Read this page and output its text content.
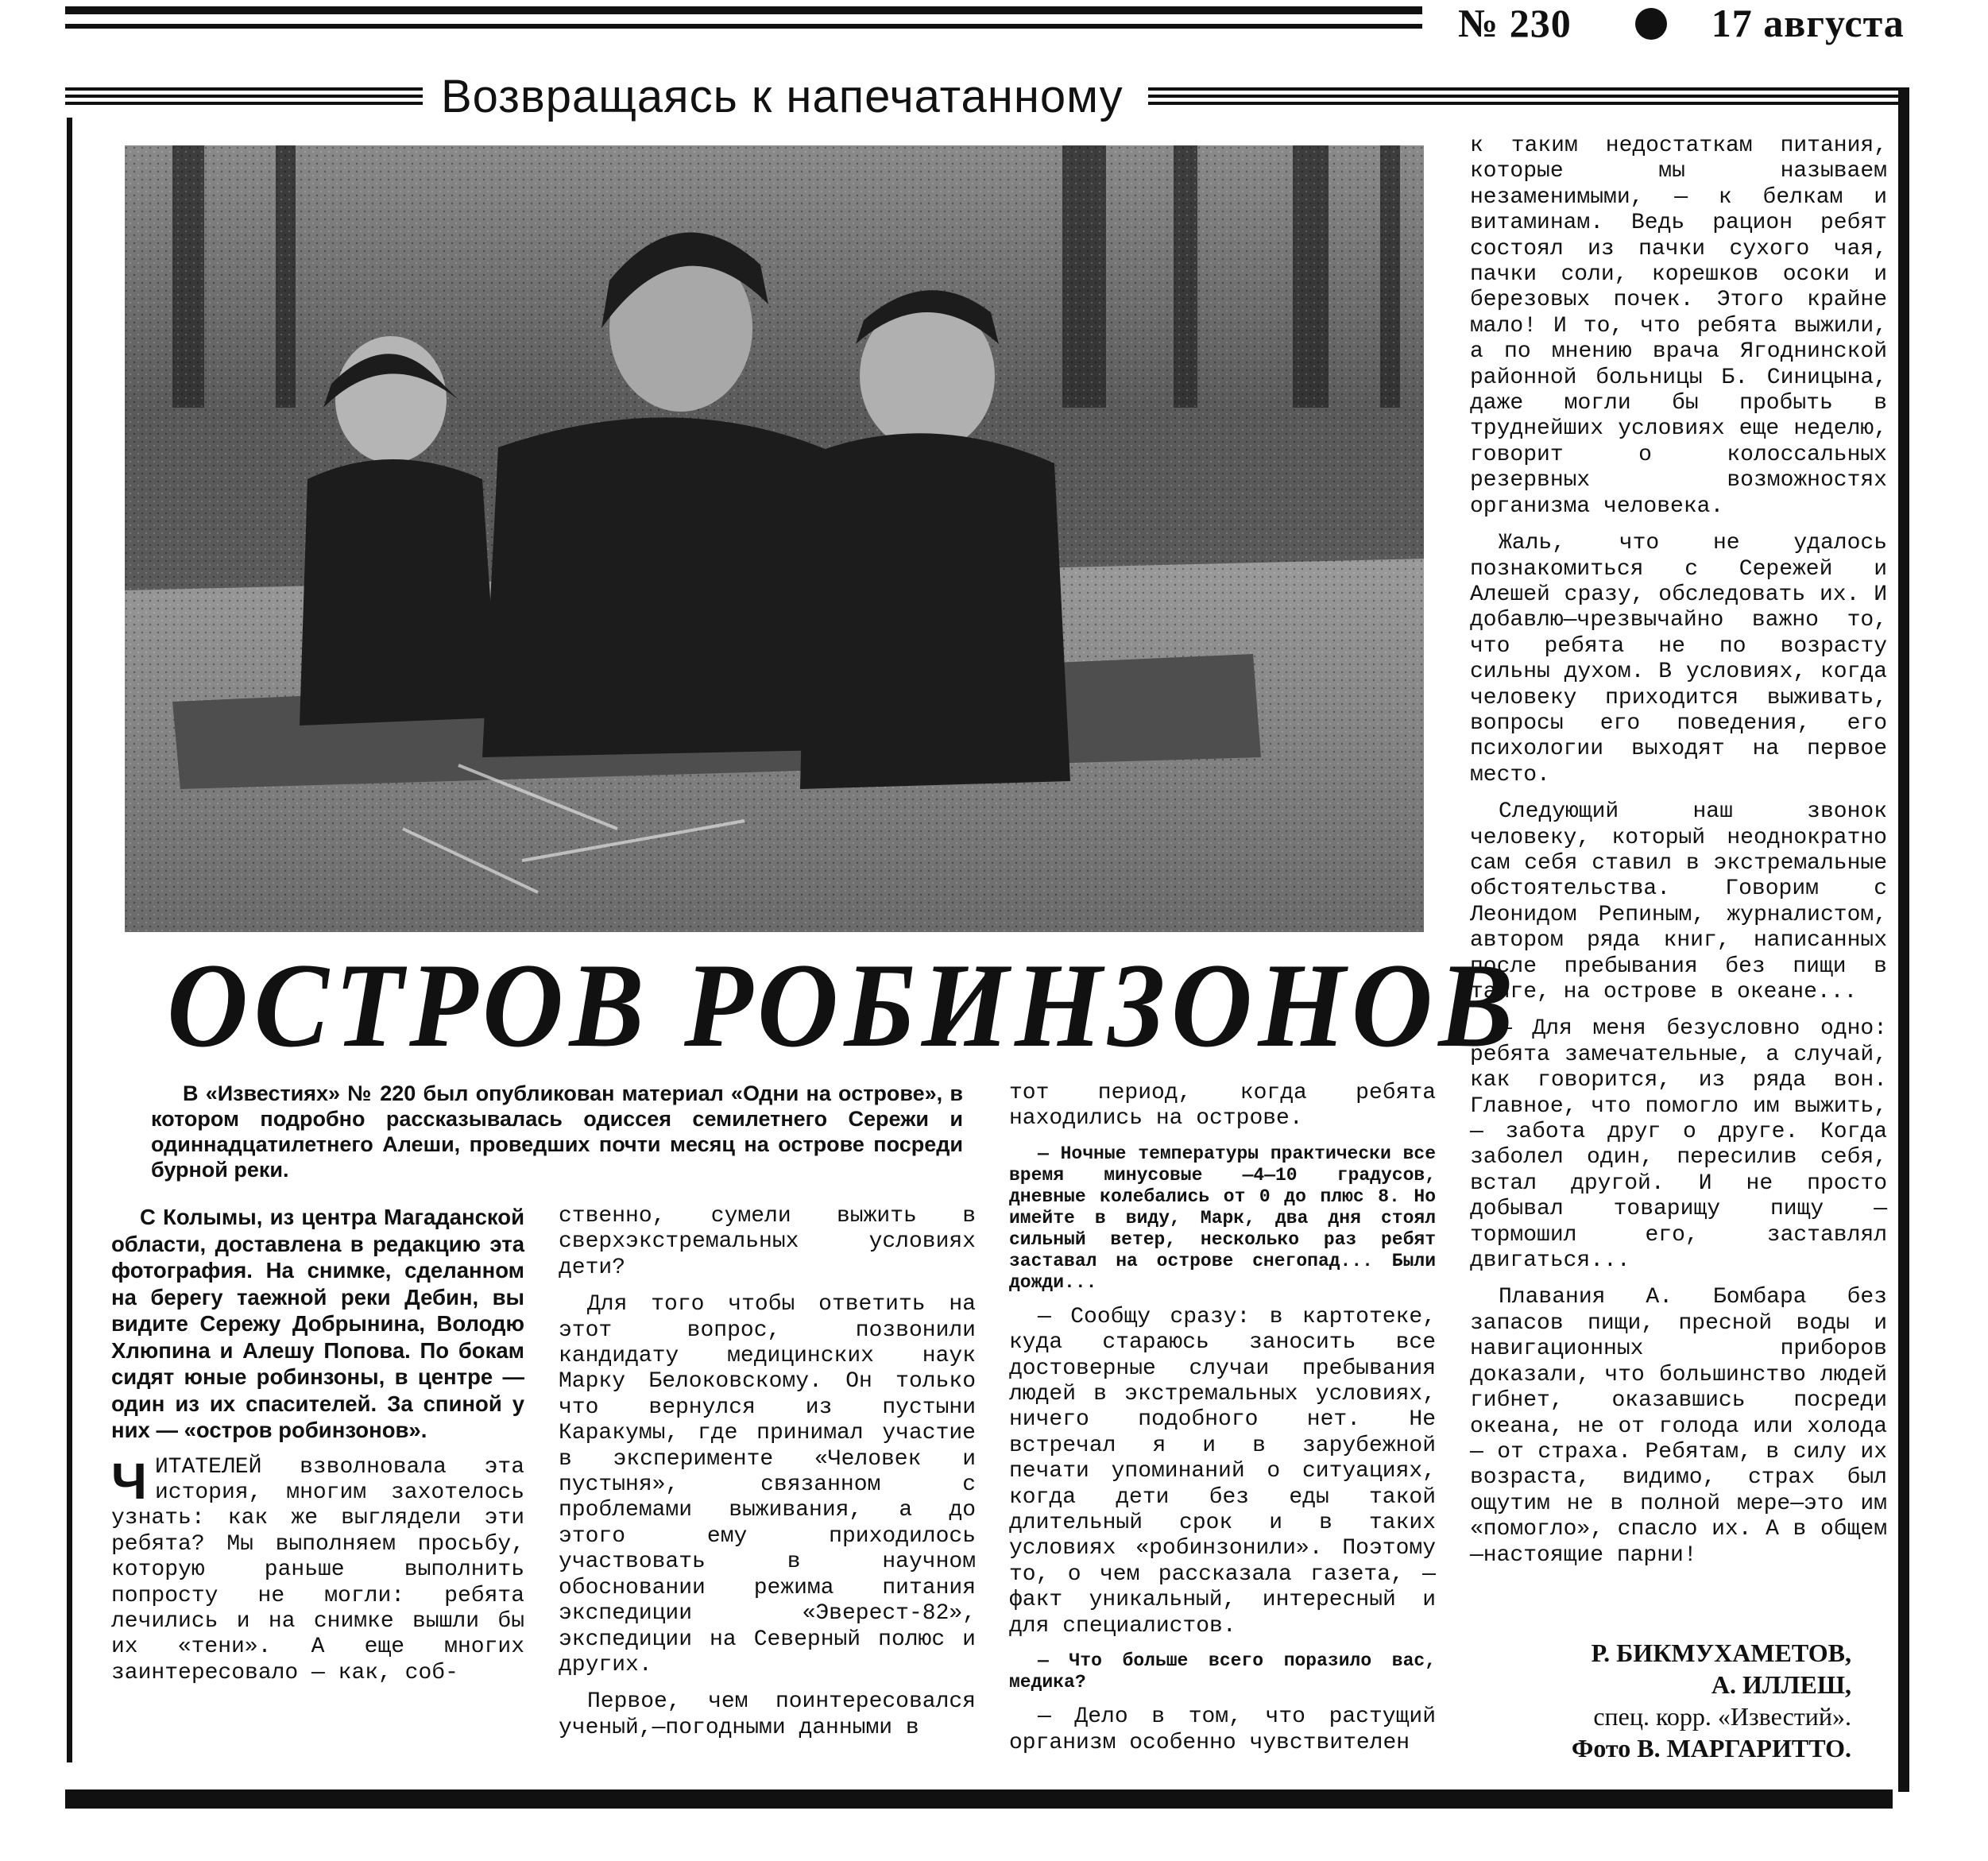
№ 230	17 августа
Возвращаясь к напечатанному
ОСТРОВ РОБИНЗОНОВ
В «Известиях» № 220 был опубликован материал «Одни на острове», в котором подробно рассказывалась одиссея семилетнего Сережи и одиннадцатилетнего Алеши, проведших почти месяц на острове посреди бурной реки.

С Колымы, из центра Магаданской области, доставлена в редакцию эта фотография. На снимке, сделанном на берегу таежной реки Дебин, вы видите Сережу Добрынина, Володю Хлюпина и Алешу Попова. По бокам сидят юные робинзоны, в центре — один из их спасителей. За спиной у них — «остров робинзонов».

ЧИТАТЕЛЕЙ взволновала эта история, многим захотелось узнать: как же выглядели эти ребята? Мы выполняем просьбу, которую раньше выполнить попросту не могли: ребята лечились и на снимке вышли бы их «тени». А еще многих заинтересовало — как, соб-

ственно, сумели выжить в сверхэкстремальных условиях дети?

Для того чтобы ответить на этот вопрос, позвонили кандидату медицинских наук Марку Белоковскому. Он только что вернулся из пустыни Каракумы, где принимал участие в эксперименте «Человек и пустыня», связанном с проблемами выживания, а до этого ему приходилось участвовать в научном обосновании режима питания экспедиции «Эверест-82», экспедиции на Северный полюс и других.

Первое, чем поинтересовался ученый,—погодными данными в

тот период, когда ребята находились на острове.

— Ночные температуры практически все время минусовые —4—10 градусов, дневные колебались от 0 до плюс 8. Но имейте в виду, Марк, два дня стоял сильный ветер, несколько раз ребят заставал на острове снегопад... Были дожди...

— Сообщу сразу: в картотеке, куда стараюсь заносить все достоверные случаи пребывания людей в экстремальных условиях, ничего подобного нет. Не встречал я и в зарубежной печати упоминаний о ситуациях, когда дети без еды такой длительный срок и в таких условиях «робинзонили». Поэтому то, о чем рассказала газета, — факт уникальный, интересный и для специалистов.

— Что больше всего поразило вас, медика?

— Дело в том, что растущий организм особенно чувствителен

к таким недостаткам питания, которые мы называем незаменимыми, — к белкам и витаминам. Ведь рацион ребят состоял из пачки сухого чая, пачки соли, корешков осоки и березовых почек. Этого крайне мало! И то, что ребята выжили, а по мнению врача Ягоднинской районной больницы Б. Синицына, даже могли бы пробыть в труднейших условиях еще неделю, говорит о колоссальных резервных возможностях организма человека.

Жаль, что не удалось познакомиться с Сережей и Алешей сразу, обследовать их. И добавлю—чрезвычайно важно то, что ребята не по возрасту сильны духом. В условиях, когда человеку приходится выживать, вопросы его поведения, его психологии выходят на первое место.

Следующий наш звонок человеку, который неоднократно сам себя ставил в экстремальные обстоятельства. Говорим с Леонидом Репиным, журналистом, автором ряда книг, написанных после пребывания без пищи в тайге, на острове в океане...

— Для меня безусловно одно: ребята замечательные, а случай, как говорится, из ряда вон. Главное, что помогло им выжить, — забота друг о друге. Когда заболел один, пересилив себя, встал другой. И не просто добывал товарищу пищу — тормошил его, заставлял двигаться...

Плавания А. Бомбара без запасов пищи, пресной воды и навигационных приборов доказали, что большинство людей гибнет, оказавшись посреди океана, не от голода или холода — от страха. Ребятам, в силу их возраста, видимо, страх был ощутим не в полной мере—это им «помогло», спасло их. А в общем —настоящие парни!

Р. БИКМУХАМЕТОВ,
А. ИЛЛЕШ,
спец. корр. «Известий».
Фото В. МАРГАРИТТО.
